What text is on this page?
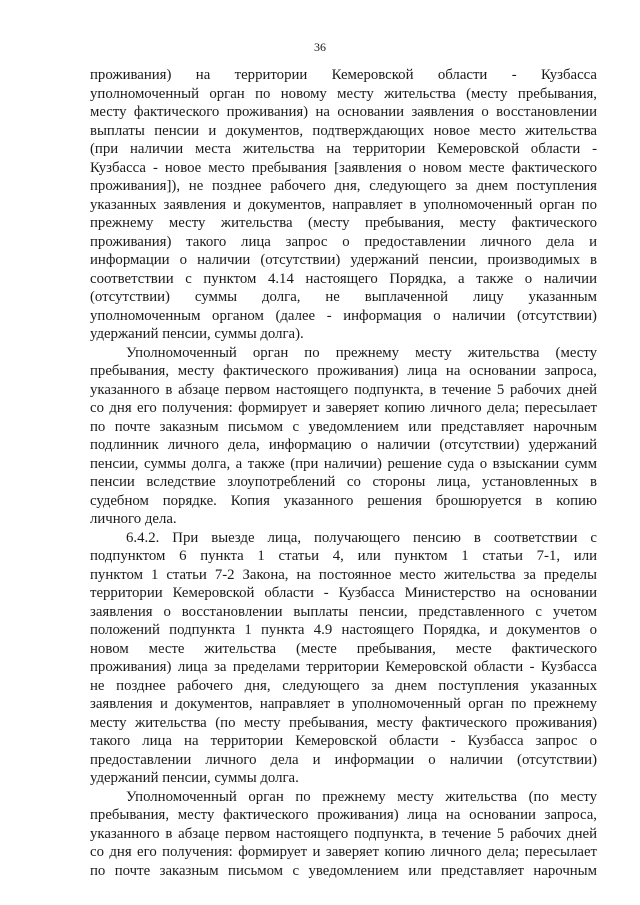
36
проживания) на территории Кемеровской области - Кузбасса
уполномоченный орган по новому месту жительства (месту пребывания,
месту фактического проживания) на основании заявления о восстановлении
выплаты пенсии и документов, подтверждающих новое место жительства
(при наличии места жительства на территории Кемеровской области -
Кузбасса - новое место пребывания [заявления о новом месте фактического
проживания]), не позднее рабочего дня, следующего за днем поступления
указанных заявления и документов, направляет в уполномоченный орган по
прежнему месту жительства (месту пребывания, месту фактического
проживания) такого лица запрос о предоставлении личного дела и
информации о наличии (отсутствии) удержаний пенсии, производимых в
соответствии с пунктом 4.14 настоящего Порядка, а также о наличии
(отсутствии) суммы долга, не выплаченной лицу указанным
уполномоченным органом (далее - информация о наличии (отсутствии)
удержаний пенсии, суммы долга).
Уполномоченный орган по прежнему месту жительства (месту
пребывания, месту фактического проживания) лица на основании запроса,
указанного в абзаце первом настоящего подпункта, в течение 5 рабочих дней
со дня его получения: формирует и заверяет копию личного дела; пересылает
по почте заказным письмом с уведомлением или представляет нарочным
подлинник личного дела, информацию о наличии (отсутствии) удержаний
пенсии, суммы долга, а также (при наличии) решение суда о взыскании сумм
пенсии вследствие злоупотреблений со стороны лица, установленных в
судебном порядке. Копия указанного решения брошюруется в копию
личного дела.
6.4.2. При выезде лица, получающего пенсию в соответствии с
подпунктом 6 пункта 1 статьи 4, или пунктом 1 статьи 7-1, или
пунктом 1 статьи 7-2 Закона, на постоянное место жительства за пределы
территории Кемеровской области - Кузбасса Министерство на основании
заявления о восстановлении выплаты пенсии, представленного с учетом
положений подпункта 1 пункта 4.9 настоящего Порядка, и документов о
новом месте жительства (месте пребывания, месте фактического
проживания) лица за пределами территории Кемеровской области - Кузбасса
не позднее рабочего дня, следующего за днем поступления указанных
заявления и документов, направляет в уполномоченный орган по прежнему
месту жительства (по месту пребывания, месту фактического проживания)
такого лица на территории Кемеровской области - Кузбасса запрос о
предоставлении личного дела и информации о наличии (отсутствии)
удержаний пенсии, суммы долга.
Уполномоченный орган по прежнему месту жительства (по месту
пребывания, месту фактического проживания) лица на основании запроса,
указанного в абзаце первом настоящего подпункта, в течение 5 рабочих дней
со дня его получения: формирует и заверяет копию личного дела; пересылает
по почте заказным письмом с уведомлением или представляет нарочным
